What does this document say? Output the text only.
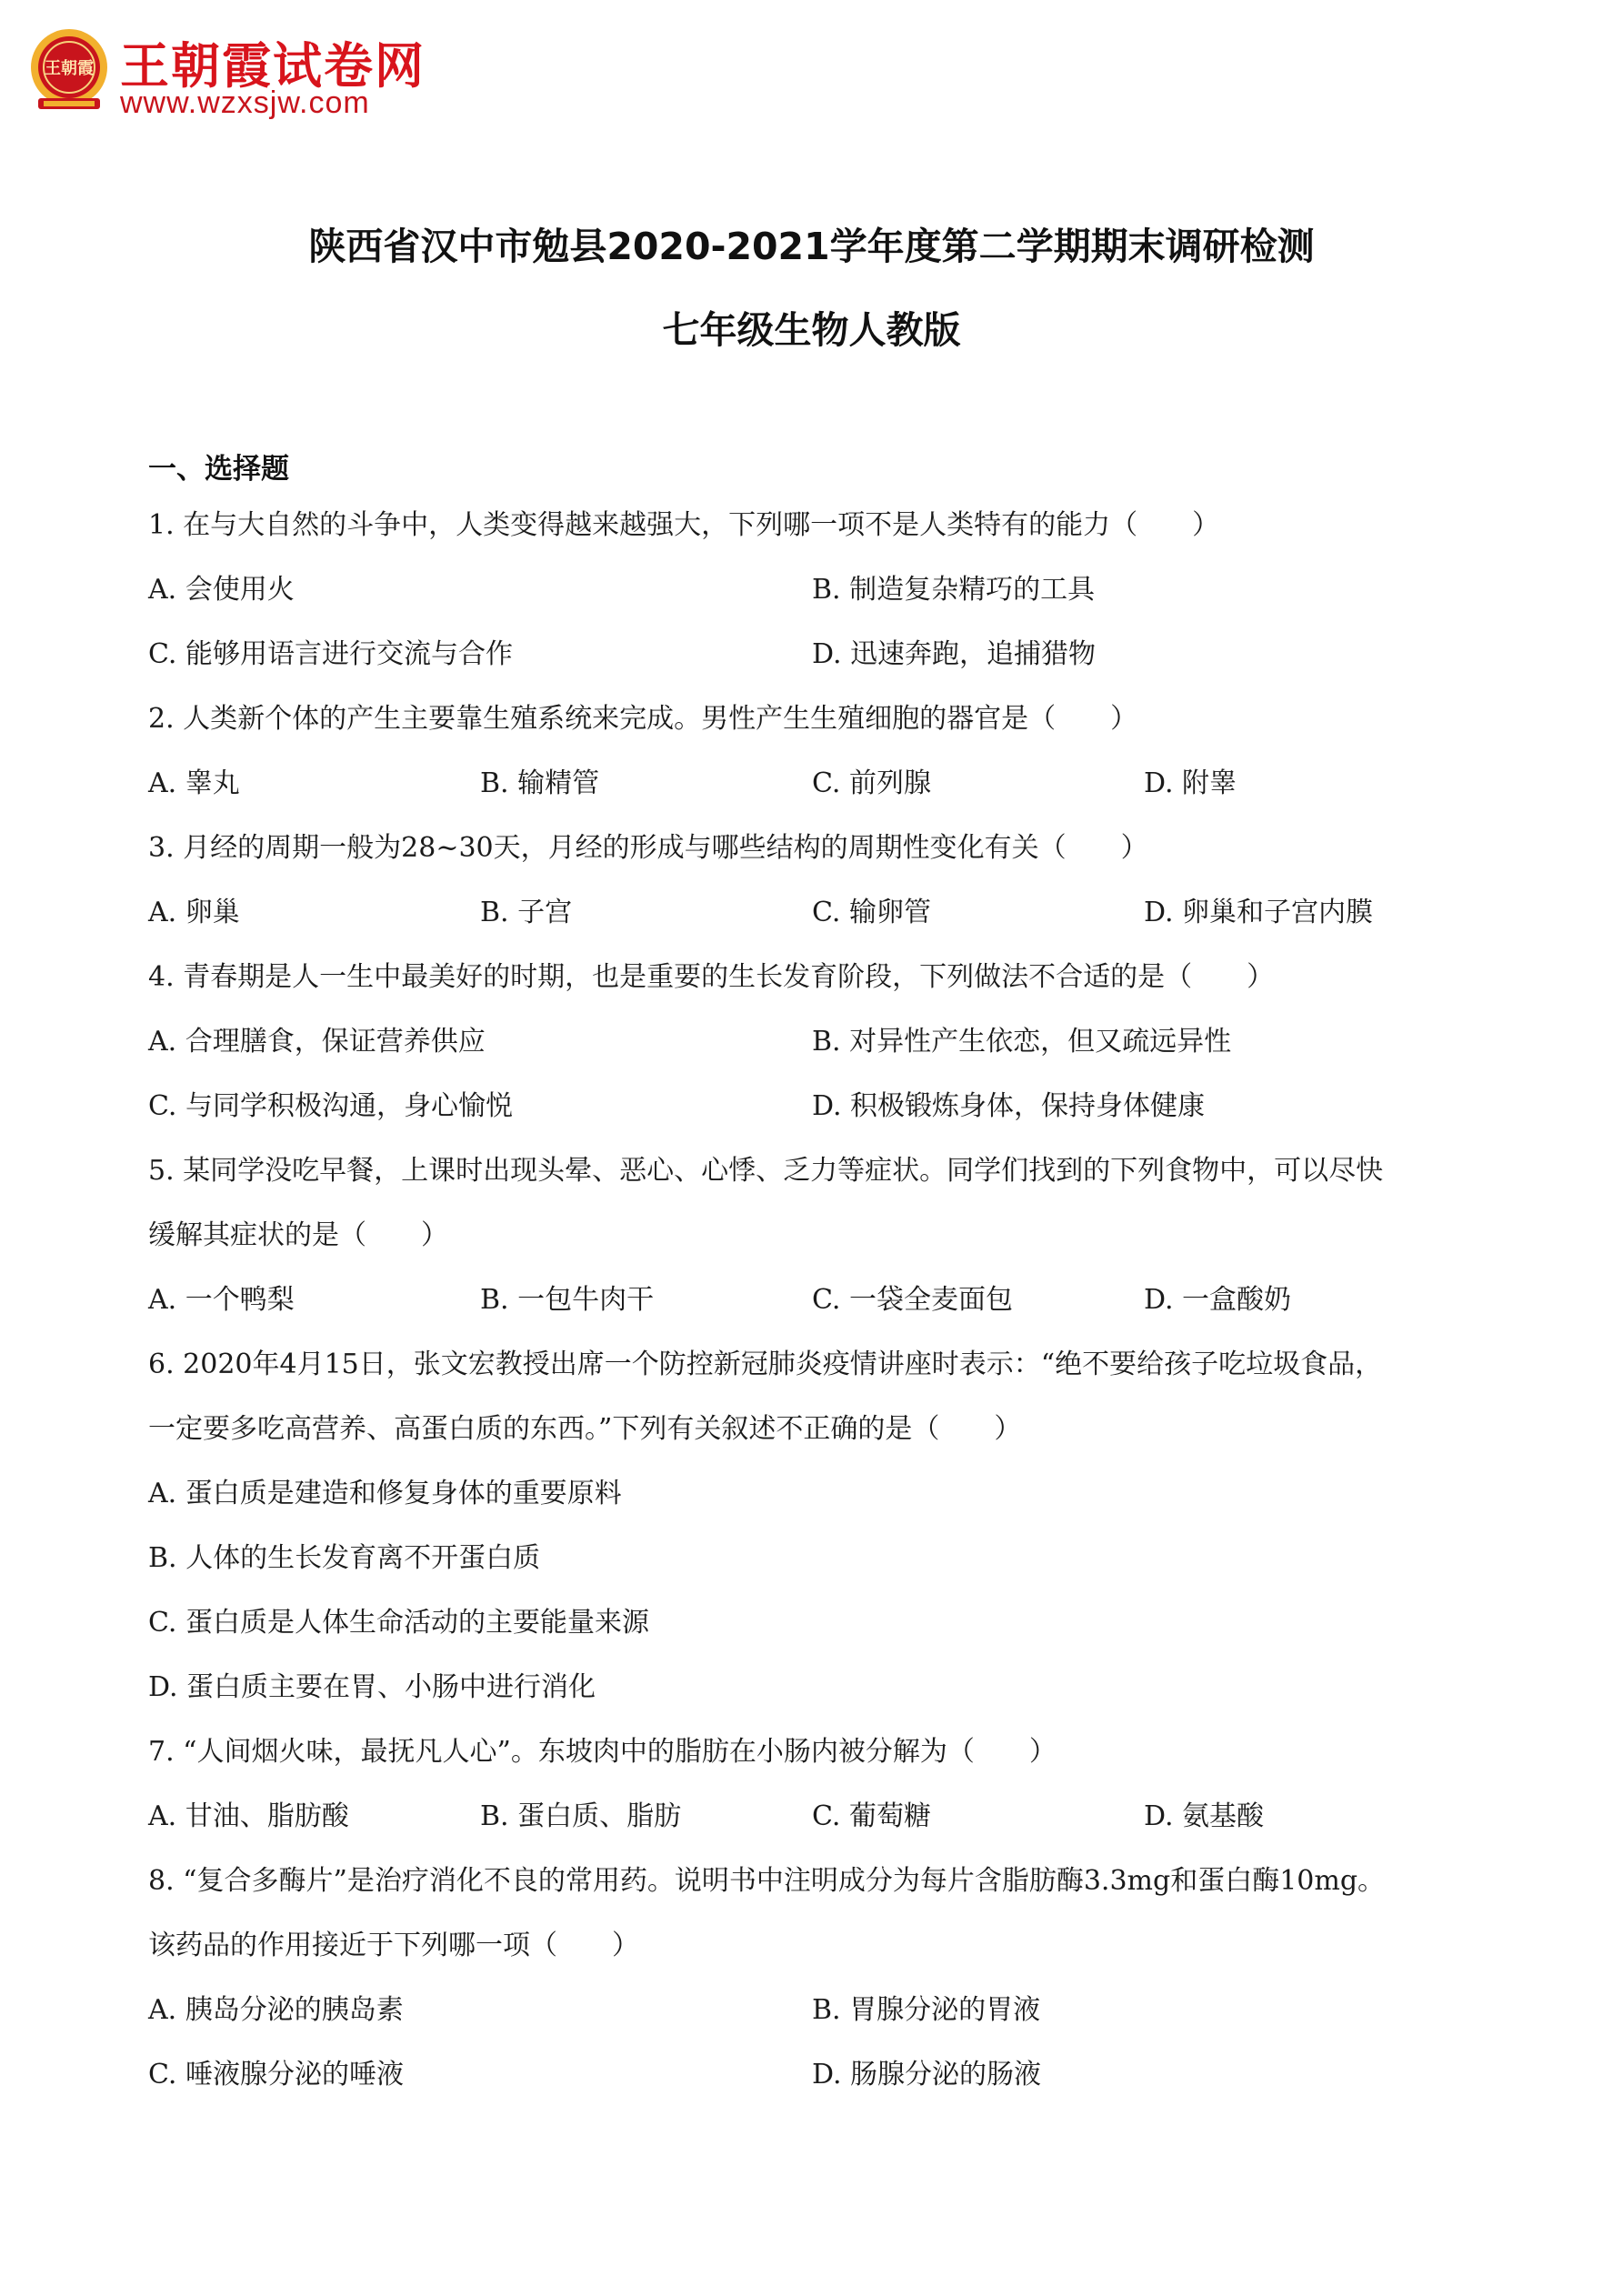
王朝霞 王朝霞试卷网
www.wzxsjw.com
陕西省汉中市勉县2020-2021学年度第二学期期末调研检测
七年级生物人教版
一、选择题
1. 在与大自然的斗争中，人类变得越来越强大，下列哪一项不是人类特有的能力（　　）
A. 会使用火	B. 制造复杂精巧的工具
C. 能够用语言进行交流与合作	D. 迅速奔跑，追捕猎物
2. 人类新个体的产生主要靠生殖系统来完成。男性产生生殖细胞的器官是（　　）
A. 睾丸	B. 输精管	C. 前列腺	D. 附睾
3. 月经的周期一般为28~30天，月经的形成与哪些结构的周期性变化有关（　　）
A. 卵巢	B. 子宫	C. 输卵管	D. 卵巢和子宫内膜
4. 青春期是人一生中最美好的时期，也是重要的生长发育阶段，下列做法不合适的是（　　）
A. 合理膳食，保证营养供应	B. 对异性产生依恋，但又疏远异性
C. 与同学积极沟通，身心愉悦	D. 积极锻炼身体，保持身体健康
5. 某同学没吃早餐，上课时出现头晕、恶心、心悸、乏力等症状。同学们找到的下列食物中，可以尽快
缓解其症状的是（　　）
A. 一个鸭梨	B. 一包牛肉干	C. 一袋全麦面包	D. 一盒酸奶
6. 2020年4月15日，张文宏教授出席一个防控新冠肺炎疫情讲座时表示：“绝不要给孩子吃垃圾食品，
一定要多吃高营养、高蛋白质的东西。”下列有关叙述不正确的是（　　）
A. 蛋白质是建造和修复身体的重要原料
B. 人体的生长发育离不开蛋白质
C. 蛋白质是人体生命活动的主要能量来源
D. 蛋白质主要在胃、小肠中进行消化
7. “人间烟火味，最抚凡人心”。东坡肉中的脂肪在小肠内被分解为（　　）
A. 甘油、脂肪酸	B. 蛋白质、脂肪	C. 葡萄糖	D. 氨基酸
8. “复合多酶片”是治疗消化不良的常用药。说明书中注明成分为每片含脂肪酶3.3mg和蛋白酶10mg。
该药品的作用接近于下列哪一项（　　）
A. 胰岛分泌的胰岛素	B. 胃腺分泌的胃液
C. 唾液腺分泌的唾液	D. 肠腺分泌的肠液
